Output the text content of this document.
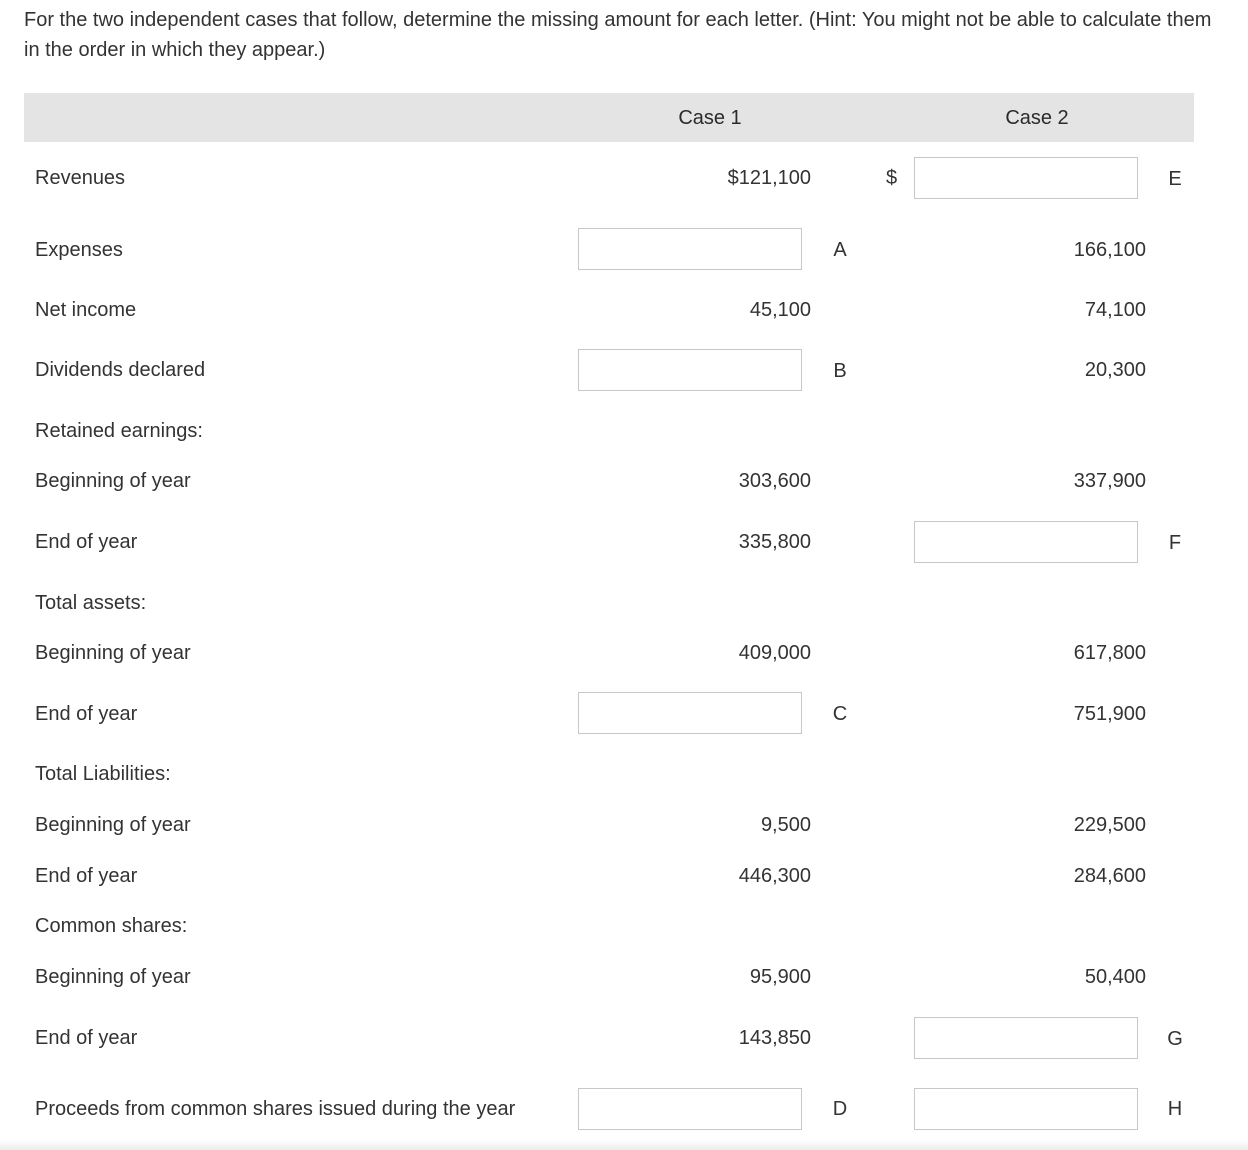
For the two independent cases that follow, determine the missing amount for each letter. (Hint: You might not be able to calculate them in the order in which they appear.)
Case 1	Case 2
Revenues	$121,100	$	E
Expenses	A	166,100
Net income	45,100	74,100
Dividends declared	B	20,300
Retained earnings:
Beginning of year	303,600	337,900
End of year	335,800	F
Total assets:
Beginning of year	409,000	617,800
End of year	C	751,900
Total Liabilities:
Beginning of year	9,500	229,500
End of year	446,300	284,600
Common shares:
Beginning of year	95,900	50,400
End of year	143,850	G
Proceeds from common shares issued during the year	D	H
